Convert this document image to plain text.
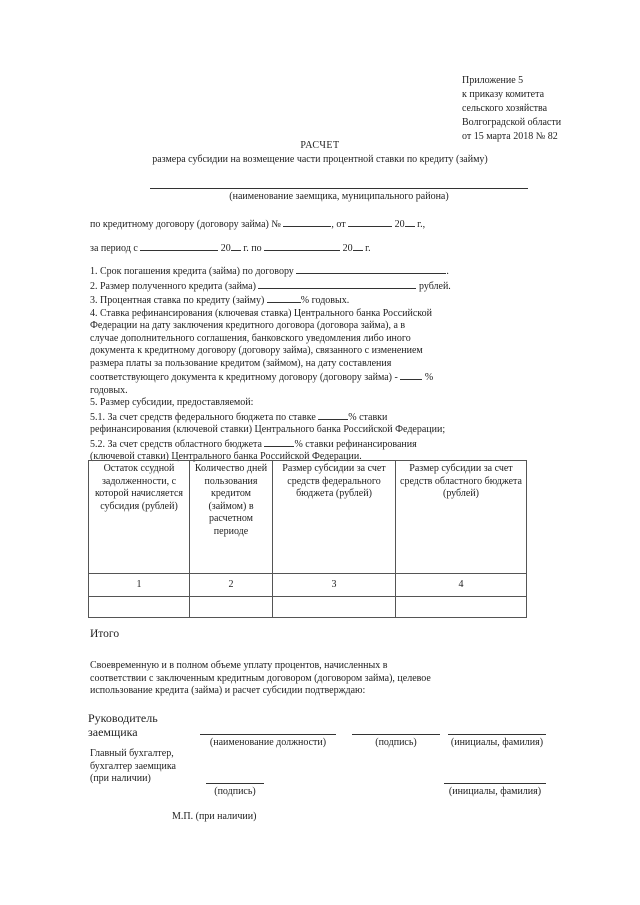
Приложение 5
к приказу комитета
сельского хозяйства
Волгоградской области
от 15 марта 2018 № 82
РАСЧЕТ
размера субсидии на возмещение части процентной ставки по кредиту (займу)
(наименование заемщика, муниципального района)
по кредитному договору (договору займа) №	, от	20 г.,
за период с	20 г. по	20 г.
1. Срок погашения кредита (займа) по договору	.
2. Размер полученного кредита (займа)	рублей.
3. Процентная ставка по кредиту (займу)	% годовых.
4. Ставка рефинансирования (ключевая ставка) Центрального банка Российской
Федерации на дату заключения кредитного договора (договора займа), а в
случае дополнительного соглашения, банковского уведомления либо иного
документа к кредитному договору (договору займа), связанного с изменением
размера платы за пользование кредитом (займом), на дату составления
соответствующего документа к кредитному договору (договору займа) -	%
годовых.
5. Размер субсидии, предоставляемой:
5.1. За счет средств федерального бюджета по ставке	% ставки
рефинансирования (ключевой ставки) Центрального банка Российской Федерации;
5.2. За счет средств областного бюджета	% ставки рефинансирования
(ключевой ставки) Центрального банка Российской Федерации.
Остаток ссудной задолженности, с которой начисляется субсидия (рублей)	Количество дней пользования кредитом (займом) в расчетном периоде	Размер субсидии за счет средств федерального бюджета (рублей)	Размер субсидии за счет средств областного бюджета (рублей)
1	2	3	4

Итого
Своевременную и в полном объеме уплату процентов, начисленных в
соответствии с заключенным кредитным договором (договором займа), целевое
использование кредита (займа) и расчет субсидии подтверждаю:
Руководитель
заемщика
(наименование должности)	(подпись)	(инициалы, фамилия)
Главный бухгалтер,
бухгалтер заемщика
(при наличии)
(подпись)	(инициалы, фамилия)
М.П. (при наличии)
